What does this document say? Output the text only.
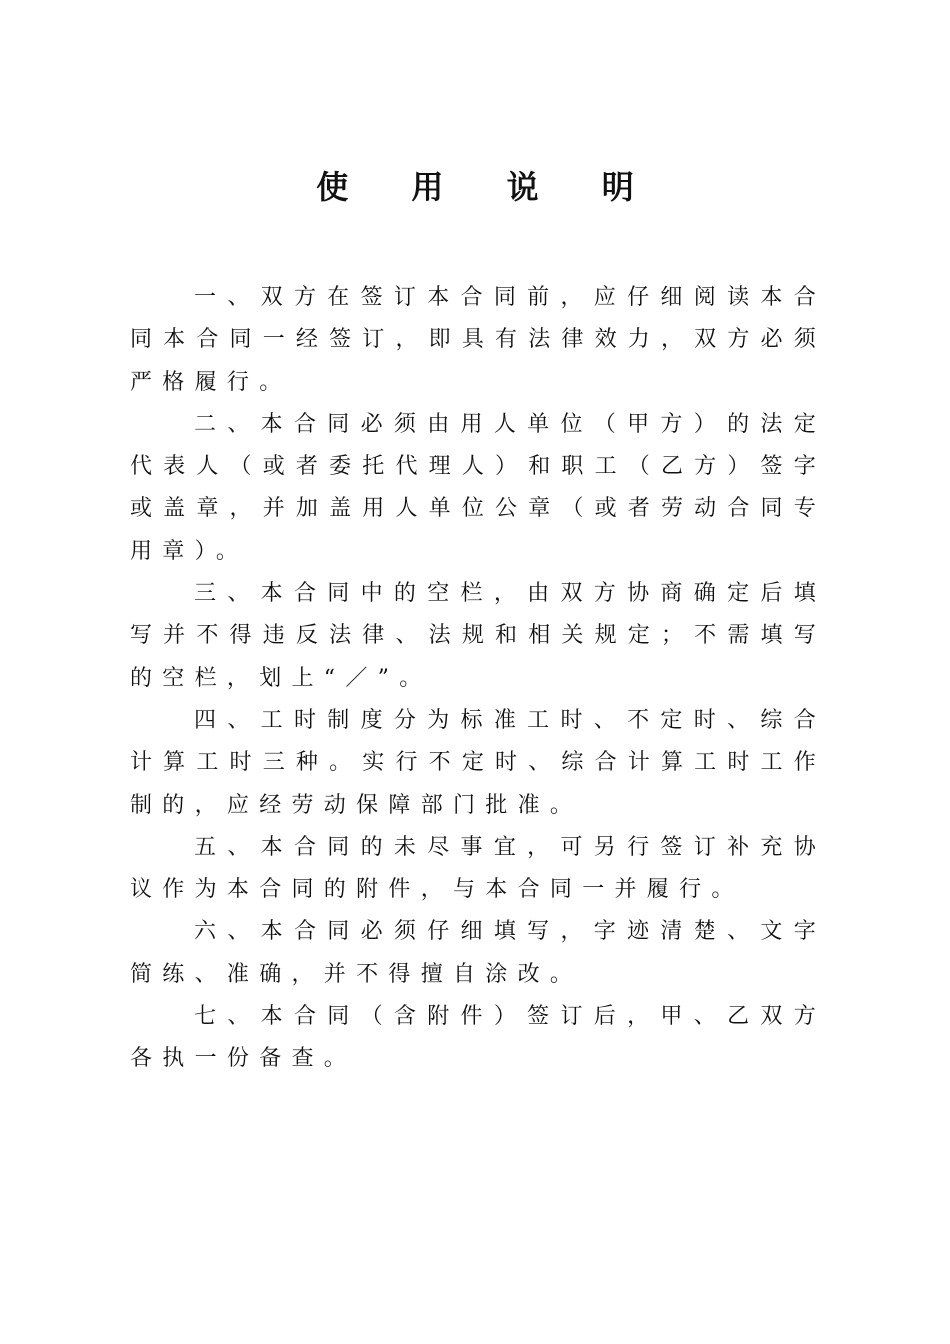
使 用 说 明

一、双方在签订本合同前，应仔细阅读本合同本合同一经签订，即具有法律效力，双方必须严格履行。

二、本合同必须由用人单位（甲方）的法定代表人（或者委托代理人）和职工（乙方）签字或盖章，并加盖用人单位公章（或者劳动合同专用章）。

三、本合同中的空栏，由双方协商确定后填写并不得违反法律、法规和相关规定；不需填写的空栏，划上“／”。

四、工时制度分为标准工时、不定时、综合计算工时三种。实行不定时、综合计算工时工作制的，应经劳动保障部门批准。

五、本合同的未尽事宜，可另行签订补充协议作为本合同的附件，与本合同一并履行。

六、本合同必须仔细填写，字迹清楚、文字简练、准确，并不得擅自涂改。

七、本合同（含附件）签订后，甲、乙双方各执一份备查。
